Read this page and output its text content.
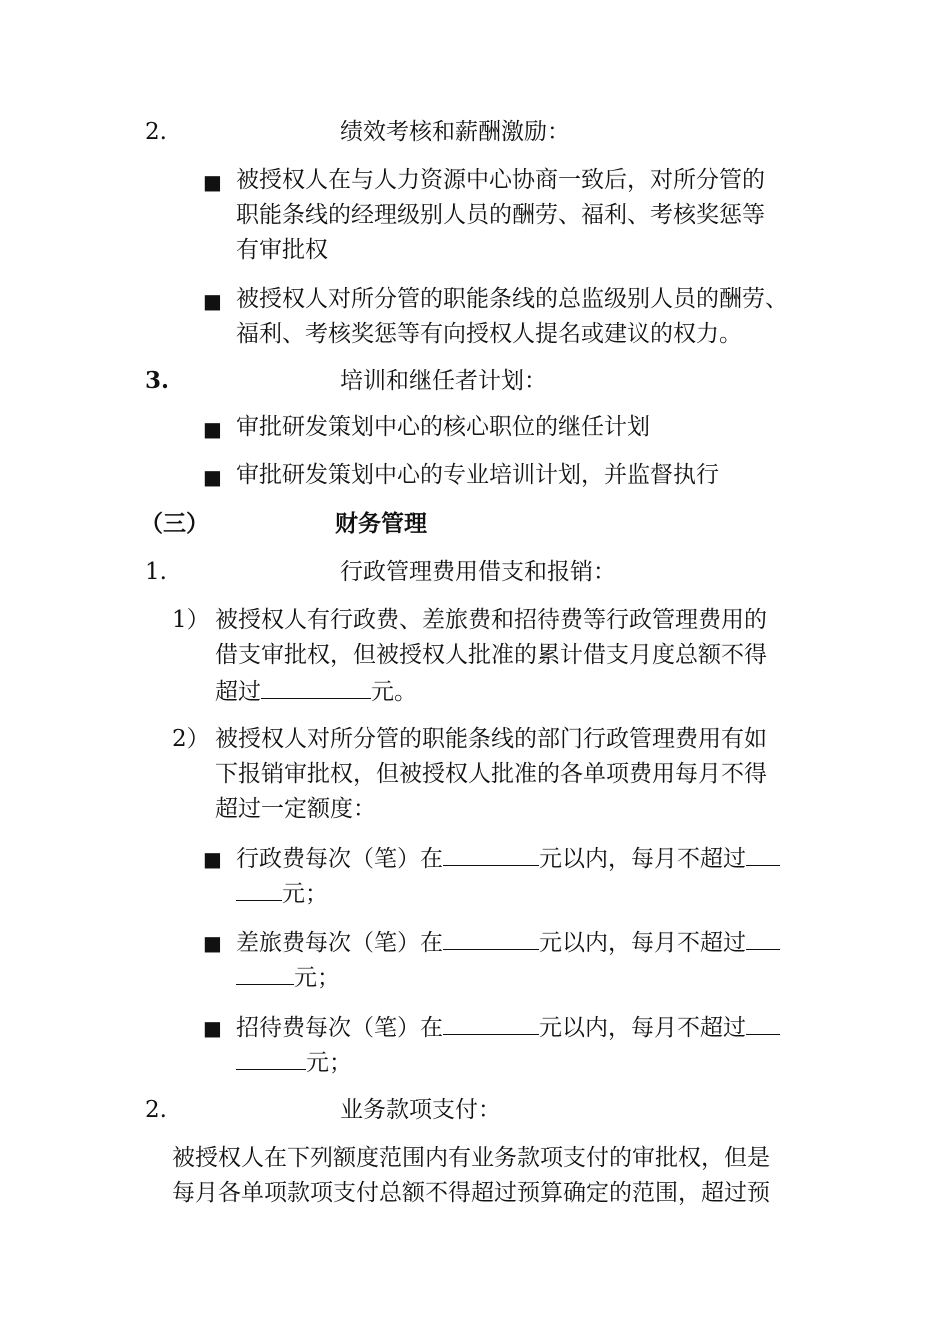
2.	绩效考核和薪酬激励：
■ 被授权人在与人力资源中心协商一致后，对所分管的
职能条线的经理级别人员的酬劳、福利、考核奖惩等
有审批权
■ 被授权人对所分管的职能条线的总监级别人员的酬劳、
福利、考核奖惩等有向授权人提名或建议的权力。
3.	培训和继任者计划：
■ 审批研发策划中心的核心职位的继任计划
■ 审批研发策划中心的专业培训计划，并监督执行
（三）	财务管理
1.	行政管理费用借支和报销：
1） 被授权人有行政费、差旅费和招待费等行政管理费用的
借支审批权，但被授权人批准的累计借支月度总额不得
超过	元。
2） 被授权人对所分管的职能条线的部门行政管理费用有如
下报销审批权，但被授权人批准的各单项费用每月不得
超过一定额度：
■ 行政费每次（笔）在	元以内，每月不超过
元；
■ 差旅费每次（笔）在	元以内，每月不超过
元；
■ 招待费每次（笔）在	元以内，每月不超过
元；
2.	业务款项支付：
被授权人在下列额度范围内有业务款项支付的审批权，但是
每月各单项款项支付总额不得超过预算确定的范围，超过预
